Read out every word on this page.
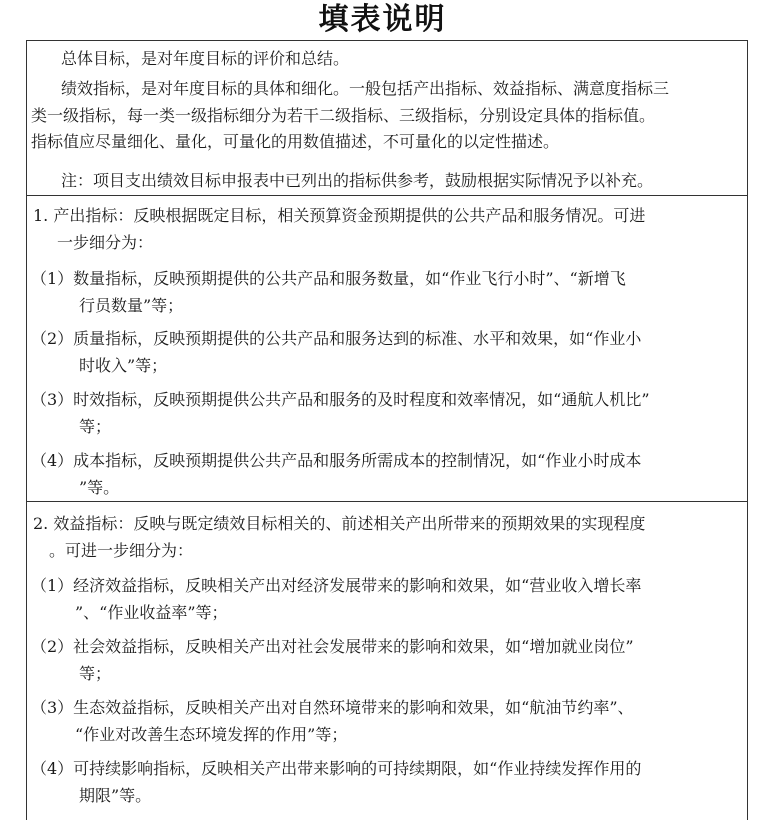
填表说明

总体目标，是对年度目标的评价和总结。

绩效指标，是对年度目标的具体和细化。一般包括产出指标、效益指标、满意度指标三

类一级指标，每一类一级指标细分为若干二级指标、三级指标，分别设定具体的指标值。

指标值应尽量细化、量化，可量化的用数值描述，不可量化的以定性描述。

注：项目支出绩效目标申报表中已列出的指标供参考，鼓励根据实际情况予以补充。

1. 产出指标：反映根据既定目标，相关预算资金预期提供的公共产品和服务情况。可进

一步细分为：

（1）数量指标，反映预期提供的公共产品和服务数量，如“作业飞行小时”、“新增飞
行员数量”等；
（2）质量指标，反映预期提供的公共产品和服务达到的标准、水平和效果，如“作业小
时收入”等；
（3）时效指标，反映预期提供公共产品和服务的及时程度和效率情况，如“通航人机比”
等；
（4）成本指标，反映预期提供公共产品和服务所需成本的控制情况，如“作业小时成本
”等。

2. 效益指标：反映与既定绩效目标相关的、前述相关产出所带来的预期效果的实现程度

。可进一步细分为：

（1）经济效益指标，反映相关产出对经济发展带来的影响和效果，如“营业收入增长率
”、“作业收益率”等；
（2）社会效益指标，反映相关产出对社会发展带来的影响和效果，如“增加就业岗位”
等；
（3）生态效益指标，反映相关产出对自然环境带来的影响和效果，如“航油节约率”、
“作业对改善生态环境发挥的作用”等；
（4）可持续影响指标，反映相关产出带来影响的可持续期限，如“作业持续发挥作用的
期限”等。
